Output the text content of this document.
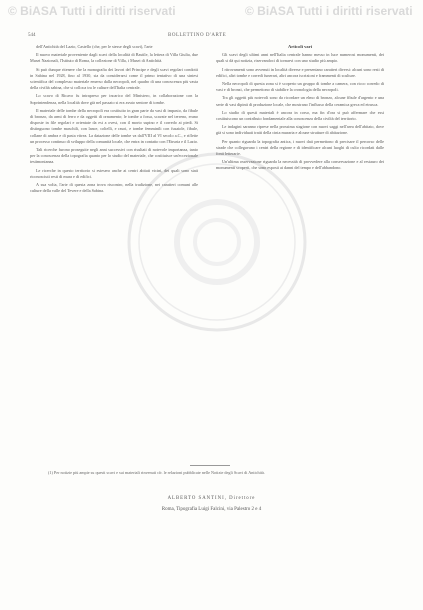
© BiASA Tutti i diritti riservati	© BiASA Tutti i diritti riservati
544	BOLLETTINO D'ARTE

dell'Antichità del Lazio, Castello (che, per le stesse degli scavi), l'arte

Il nuovo materiale proveniente dagli scavi della località di Bastile, la lettera di Villa Giulia, due Musei Nazionali, l'Istituto di Roma, la collezione di Villa, i Musei di Antichità.

Si può dunque ritenere che la monografia dei lavori del Principe e degli scavi regolari condotti in Sabina nel 1928, fino al 1930, sia da considerarsi come il primo tentativo di una sintesi scientifica del complesso materiale emerso dalla necropoli, nel quadro di una conoscenza più vasta della civiltà sabina, che si colloca tra le culture dell'Italia centrale.

Lo scavo di Ricavo fu intrapreso per incarico del Ministero, in collaborazione con la Soprintendenza, nella località dove già nel passato si era avuto sentore di tombe.

Il materiale delle tombe della necropoli era costituito in gran parte da vasi di impasto, da fibule di bronzo, da armi di ferro e da oggetti di ornamento; le tombe a fossa, scavate nel terreno, erano disposte in file regolari e orientate da est a ovest, con il morto supino e il corredo ai piedi. Si distinguono tombe maschili, con lance, coltelli, e rasoi, e tombe femminili con fusaiole, fibule, collane di ambra e di pasta vitrea. La datazione delle tombe va dall'VIII al VI secolo a.C., e riflette un processo continuo di sviluppo della comunità locale, che entra in contatto con l'Etruria e il Lazio.

Tali ricerche furono proseguite negli anni successivi con risultati di notevole importanza, tanto per la conoscenza della topografia quanto per lo studio del materiale, che costituisce un'eccezionale testimonianza.

Le ricerche in questo territorio si estesero anche ai centri abitati vicini, dei quali sono stati riconosciuti resti di mura e di edifici.

A sua volta, l'arte di questa zona trova riscontro, nella tradizione, nei caratteri comuni alle culture della valle del Tevere e della Sabina.

Articoli vari

Gli scavi degli ultimi anni nell'Italia centrale hanno messo in luce numerosi monumenti, dei quali si dà qui notizia, riservandoci di tornarvi con uno studio più ampio.

I ritrovamenti sono avvenuti in località diverse e presentano caratteri diversi: alcuni sono resti di edifici, altri tombe e corredi funerari, altri ancora iscrizioni e frammenti di sculture.

Nella necropoli di questa zona si è scoperto un gruppo di tombe a camera, con ricco corredo di vasi e di bronzi, che permettono di stabilire la cronologia della necropoli.

Tra gli oggetti più notevoli sono da ricordare un elmo di bronzo, alcune fibule d'argento e una serie di vasi dipinti di produzione locale, che mostrano l'influsso della ceramica greca ed etrusca.

Lo studio di questi materiali è ancora in corso, ma fin d'ora si può affermare che essi costituiscono un contributo fondamentale alla conoscenza della civiltà del territorio.

Le indagini saranno riprese nella prossima stagione con nuovi saggi nell'area dell'abitato, dove già si sono individuati tratti della cinta muraria e alcune strutture di abitazione.

Per quanto riguarda la topografia antica, i nuovi dati permettono di precisare il percorso delle strade che collegavano i centri della regione e di identificare alcuni luoghi di culto ricordati dalle fonti letterarie.

Un'ultima osservazione riguarda la necessità di provvedere alla conservazione e al restauro dei monumenti scoperti, che sono esposti ai danni del tempo e dell'abbandono.

(1) Per notizie più ampie su questi scavi e sui materiali rinvenuti cfr. le relazioni pubblicate nelle Notizie degli Scavi di Antichità.
ALBERTO SANTINI, Direttore
Roma, Tipografia Luigi Falcini, via Palestro 2 e 4
